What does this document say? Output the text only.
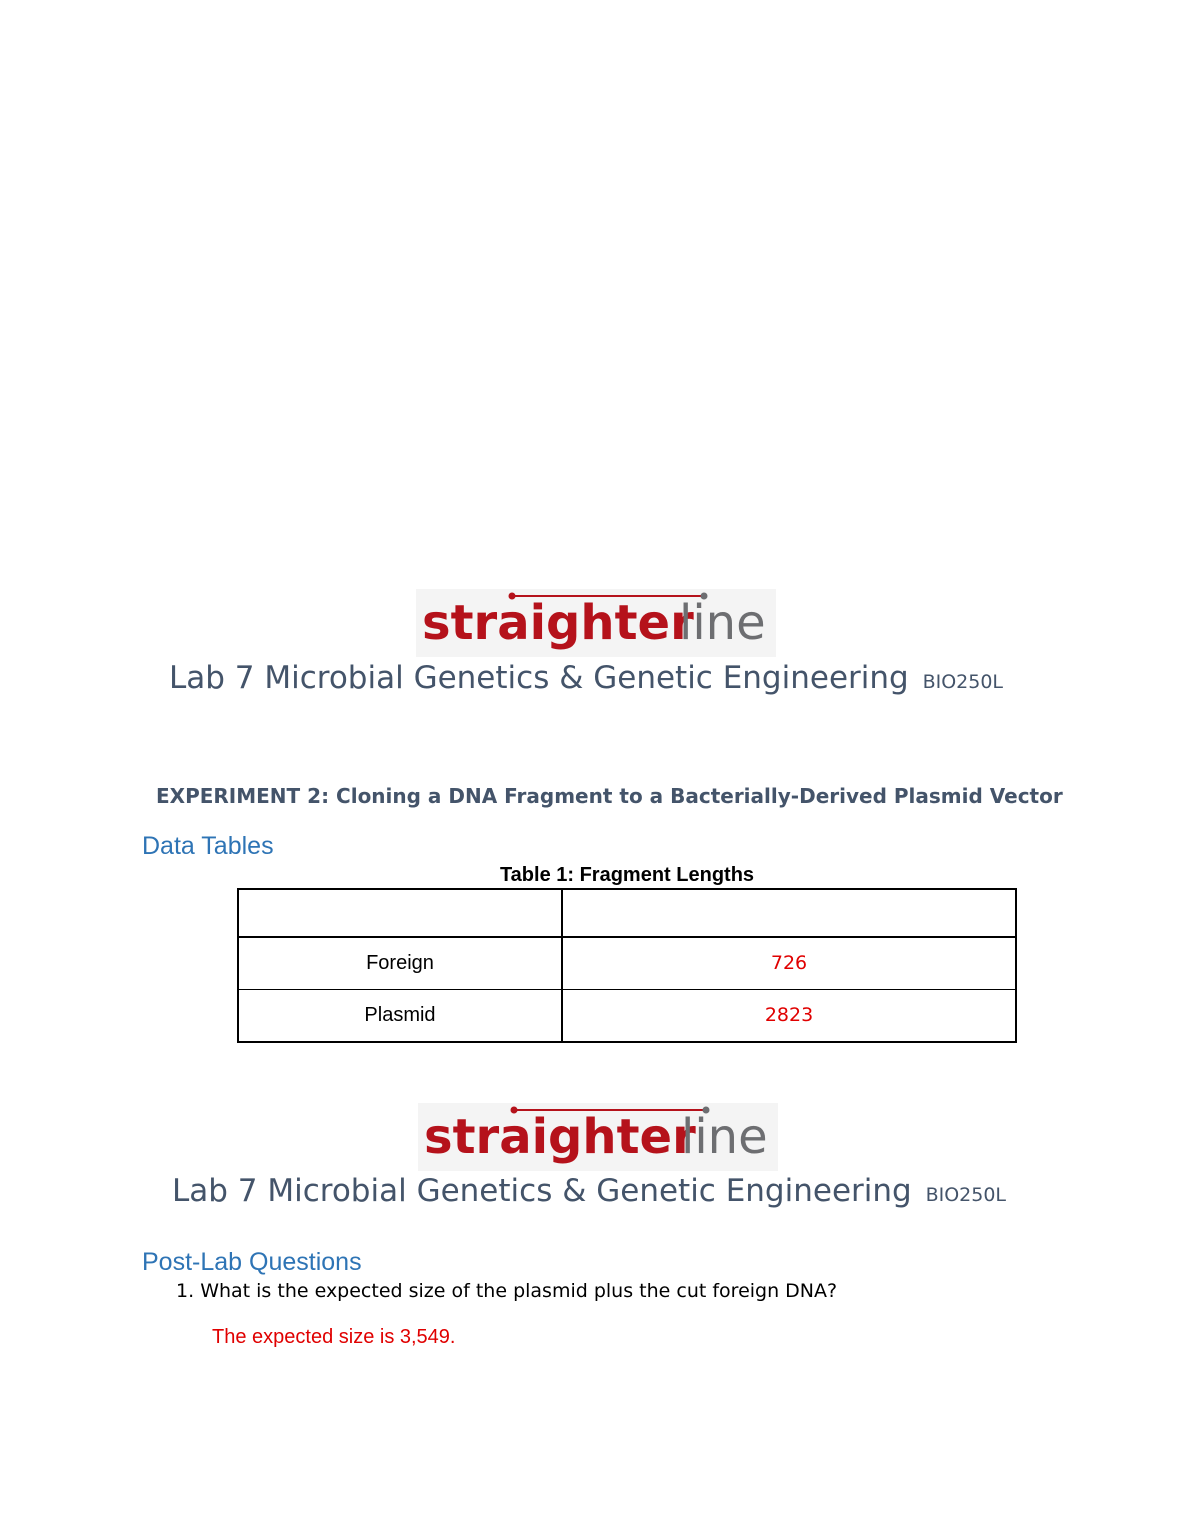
straighter
line
Lab 7 Microbial Genetics & Genetic Engineering BIO250L
EXPERIMENT 2: Cloning a DNA Fragment to a Bacterially-Derived Plasmid Vector
Data Tables
Table 1: Fragment Lengths

Foreign	726
Plasmid	2823
straighter
line
Lab 7 Microbial Genetics & Genetic Engineering BIO250L
Post-Lab Questions
1. What is the expected size of the plasmid plus the cut foreign DNA?
The expected size is 3,549.
